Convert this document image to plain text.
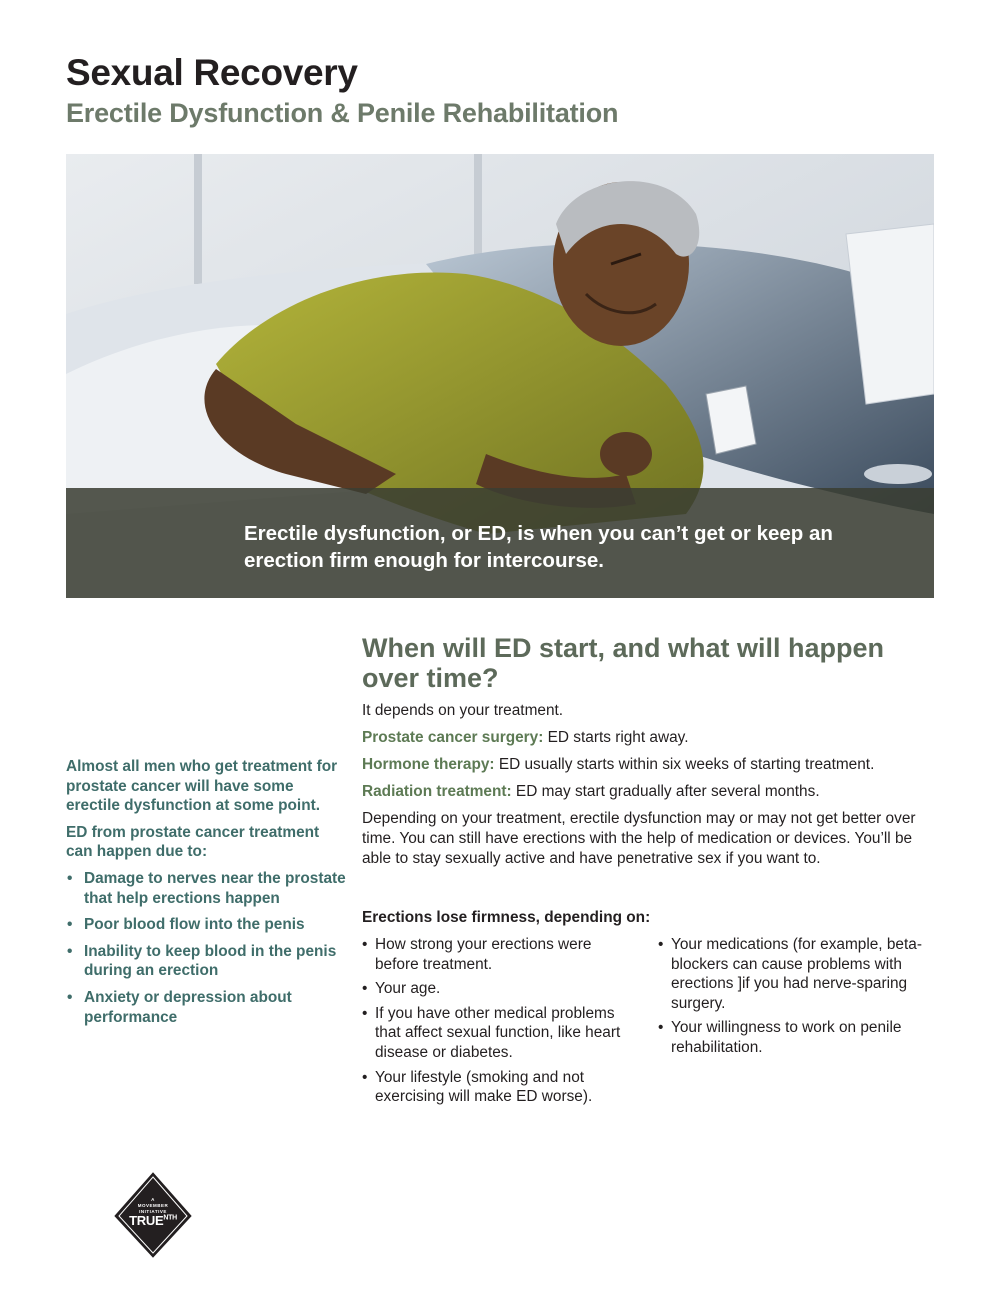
Sexual Recovery
Erectile Dysfunction & Penile Rehabilitation
Erectile dysfunction, or ED, is when you can’t get or keep an
erection firm enough for intercourse.

Almost all men who get treatment for prostate cancer will have some erectile dysfunction at some point.

ED from prostate cancer treatment can happen due to:

• Damage to nerves near the prostate that help erections happen
• Poor blood flow into the penis
• Inability to keep blood in the penis during an erection
• Anxiety or depression about performance
When will ED start, and what will happen over time?

It depends on your treatment.

Prostate cancer surgery: ED starts right away.

Hormone therapy: ED usually starts within six weeks of starting treatment.

Radiation treatment: ED may start gradually after several months.

Depending on your treatment, erectile dysfunction may or may not get better over time. You can still have erections with the help of medication or devices. You’ll be able to stay sexually active and have penetrative sex if you want to.

Erections lose firmness, depending on:
• How strong your erections were before treatment.
• Your age.
• If you have other medical problems that affect sexual function, like heart disease or diabetes.
• Your lifestyle (smoking and not exercising will make ED worse).
• Your medications (for example, beta-blockers can cause problems with erections ]if you had nerve-sparing surgery.
• Your willingness to work on penile rehabilitation.
A
MOVEMBER
INITIATIVE
$TRUE^{NTH}$
